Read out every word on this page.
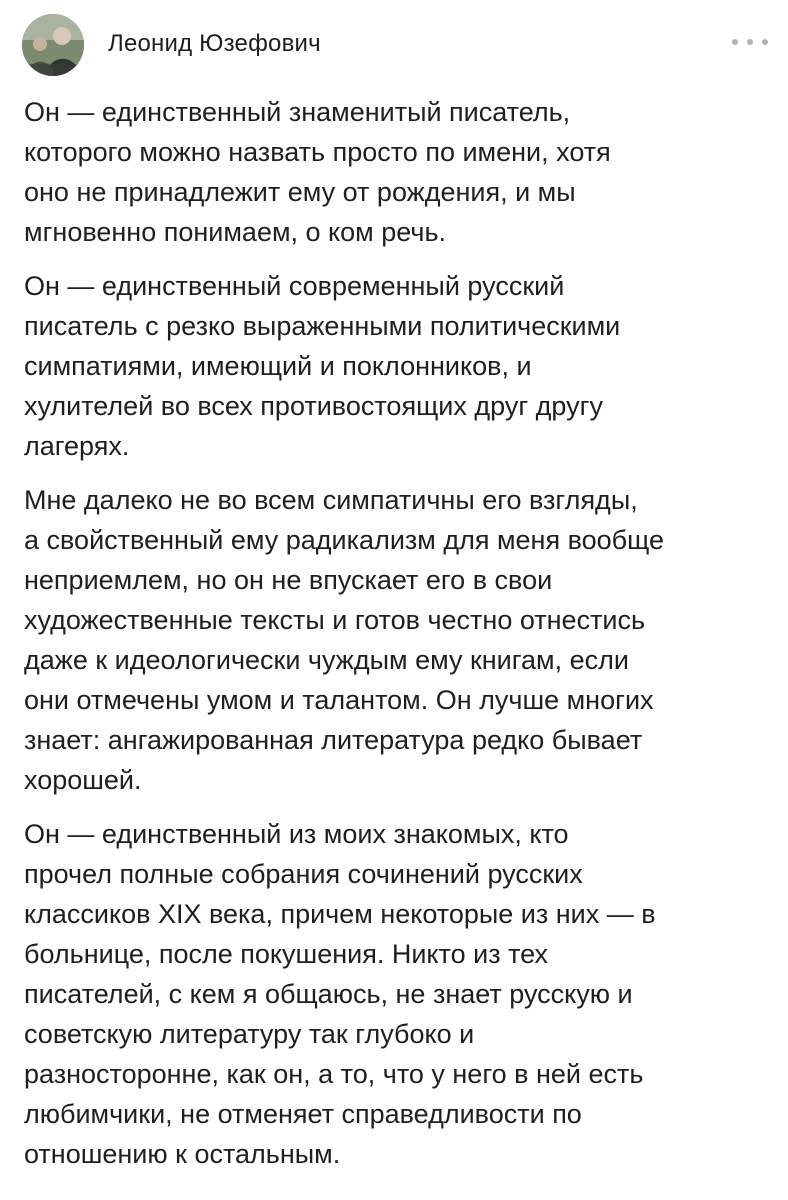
Леонид Юзефович

Он — единственный знаменитый писатель,
которого можно назвать просто по имени, хотя
оно не принадлежит ему от рождения, и мы
мгновенно понимаем, о ком речь.

Он — единственный современный русский
писатель с резко выраженными политическими
симпатиями, имеющий и поклонников, и
хулителей во всех противостоящих друг другу
лагерях.

Мне далеко не во всем симпатичны его взгляды,
а свойственный ему радикализм для меня вообще
неприемлем, но он не впускает его в свои
художественные тексты и готов честно отнестись
даже к идеологически чуждым ему книгам, если
они отмечены умом и талантом. Он лучше многих
знает: ангажированная литература редко бывает
хорошей.

Он — единственный из моих знакомых, кто
прочел полные собрания сочинений русских
классиков XIX века, причем некоторые из них — в
больнице, после покушения. Никто из тех
писателей, с кем я общаюсь, не знает русскую и
советскую литературу так глубоко и
разносторонне, как он, а то, что у него в ней есть
любимчики, не отменяет справедливости по
отношению к остальным.
